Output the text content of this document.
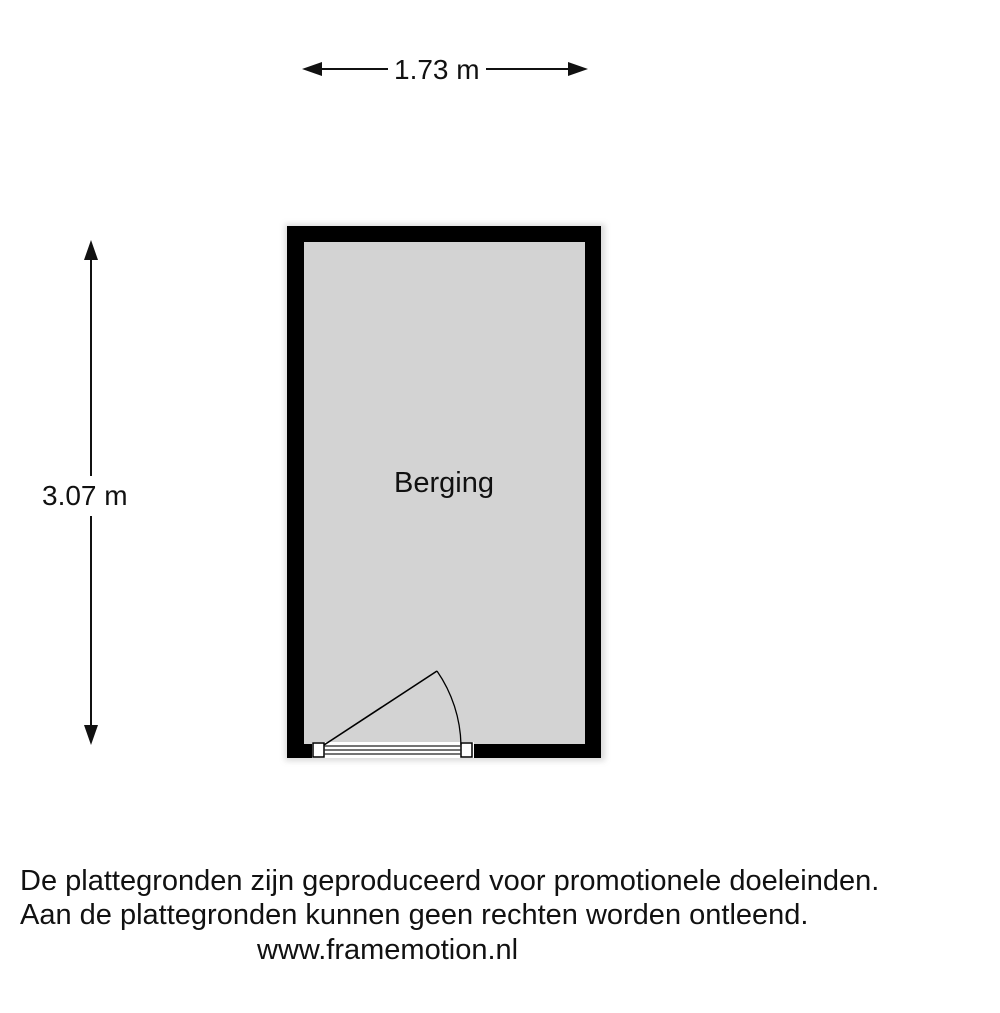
1.73 m
3.07 m	Berging
De plattegronden zijn geproduceerd voor promotionele doeleinden.
Aan de plattegronden kunnen geen rechten worden ontleend.
www.framemotion.nl
